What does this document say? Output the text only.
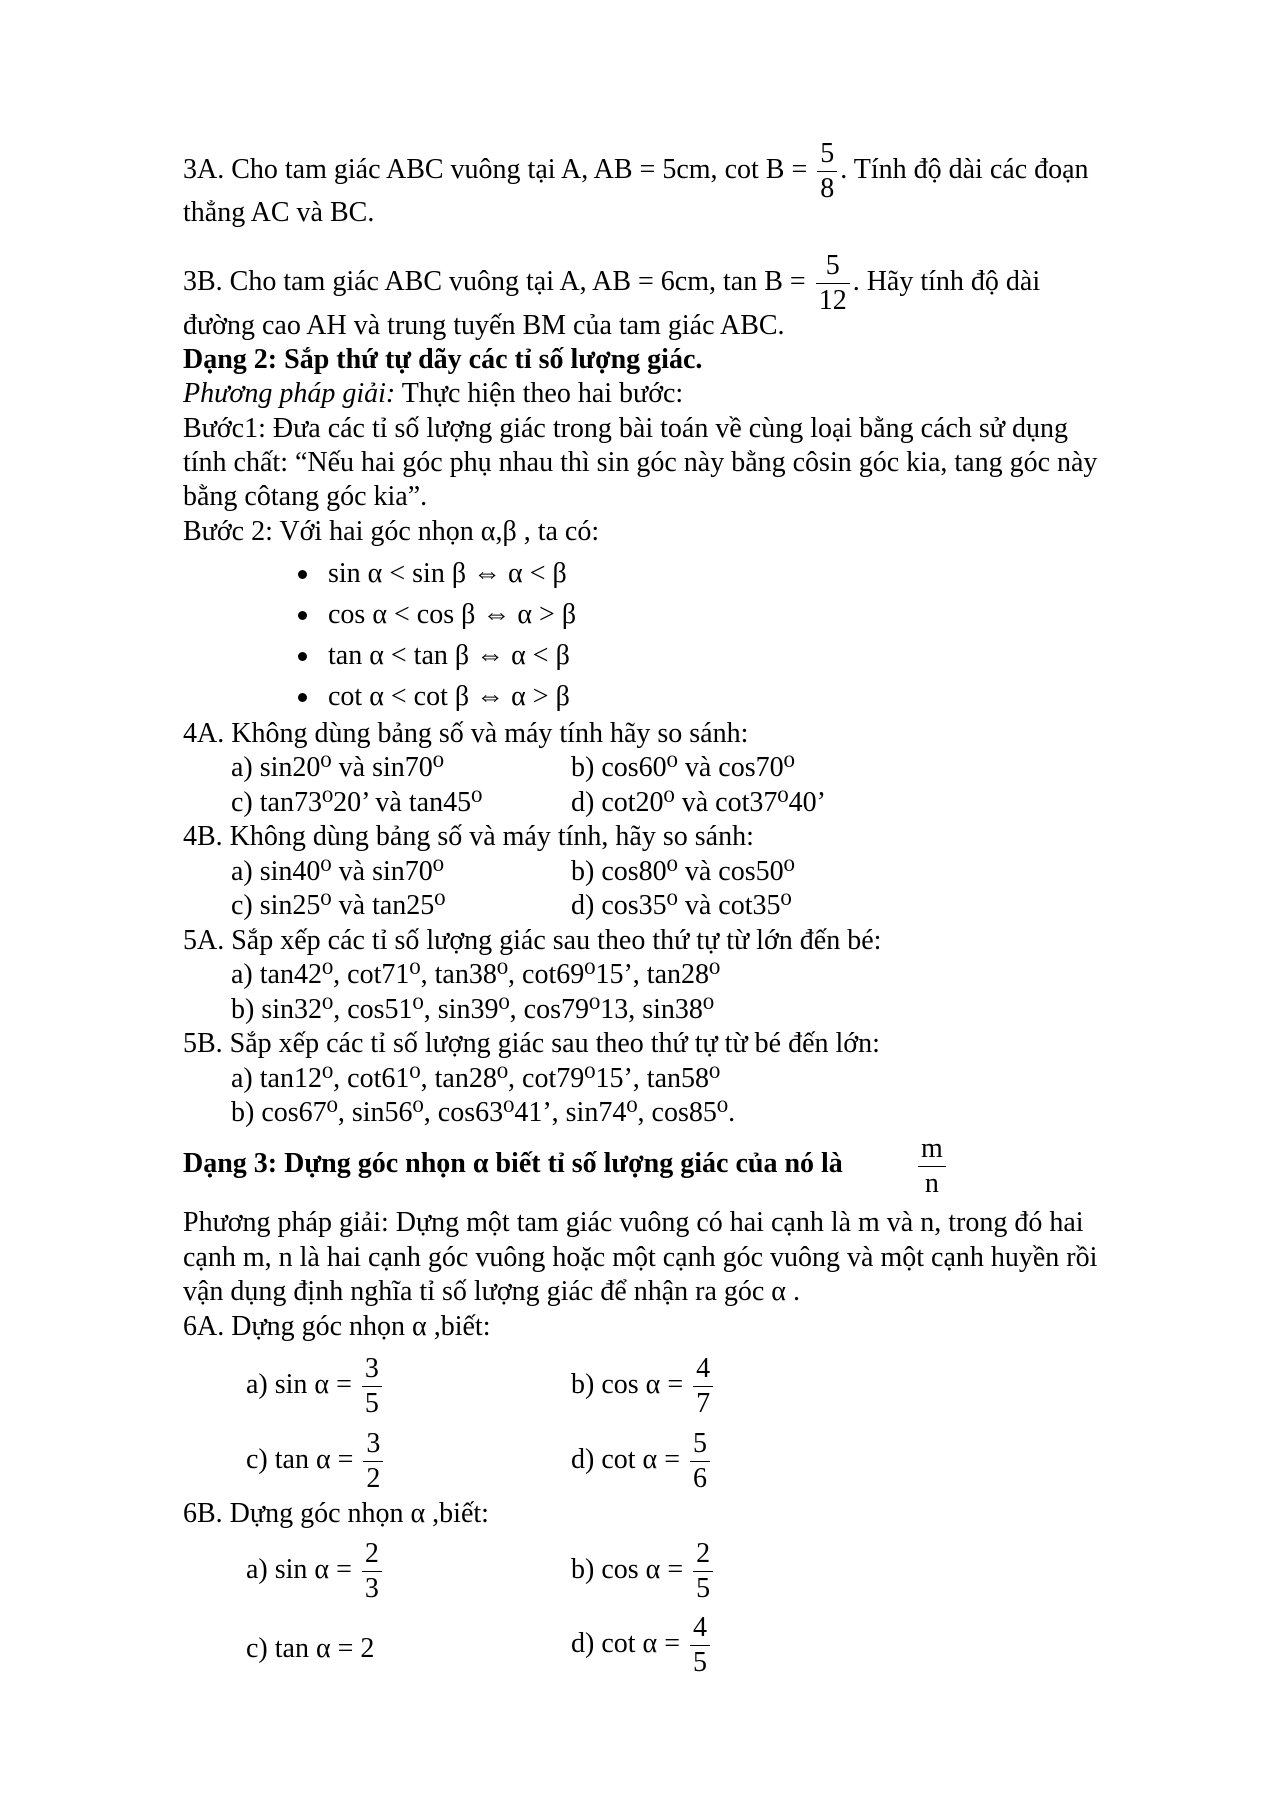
3A. Cho tam giác ABC vuông tại A, AB = 5cm, $\cot B = \frac{5}{8}$ . Tính độ dài các đoạn
thẳng AC và BC.
3B. Cho tam giác ABC vuông tại A, AB = 6cm, $\tan B = \frac{5}{12}$ . Hãy tính độ dài
đường cao AH và trung tuyến BM của tam giác ABC.
Dạng 2: Sắp thứ tự dãy các tỉ số lượng giác.
Phương pháp giải: Thực hiện theo hai bước:
Bước1: Đưa các tỉ số lượng giác trong bài toán về cùng loại bằng cách sử dụng
tính chất: “Nếu hai góc phụ nhau thì sin góc này bằng côsin góc kia, tang góc này
bằng côtang góc kia”.
Bước 2: Với hai góc nhọn α,β , ta có:
sin α < sin β ⇔ α < β
cos α < cos β ⇔ α > β
tan α < tan β ⇔ α < β
cot α < cot β ⇔ α > β
4A. Không dùng bảng số và máy tính hãy so sánh:
a) sin20⁰ và sin70⁰	b) cos60⁰ và cos70⁰
c) tan73⁰20’ và tan45⁰	d) cot20⁰ và cot37⁰40’
4B. Không dùng bảng số và máy tính, hãy so sánh:
a) sin40⁰ và sin70⁰	b) cos80⁰ và cos50⁰
c) sin25⁰ và tan25⁰	d) cos35⁰ và cot35⁰
5A. Sắp xếp các tỉ số lượng giác sau theo thứ tự từ lớn đến bé:
a) tan42⁰, cot71⁰, tan38⁰, cot69⁰15’, tan28⁰
b) sin32⁰, cos51⁰, sin39⁰, cos79⁰13, sin38⁰
5B. Sắp xếp các tỉ số lượng giác sau theo thứ tự từ bé đến lớn:
a) tan12⁰, cot61⁰, tan28⁰, cot79⁰15’, tan58⁰
b) cos67⁰, sin56⁰, cos63⁰41’, sin74⁰, cos85⁰.
Dạng 3: Dựng góc nhọn α biết tỉ số lượng giác của nó là	$\frac{m}{n}$
Phương pháp giải: Dựng một tam giác vuông có hai cạnh là m và n, trong đó hai
cạnh m, n là hai cạnh góc vuông hoặc một cạnh góc vuông và một cạnh huyền rồi
vận dụng định nghĩa tỉ số lượng giác để nhận ra góc α .
6A. Dựng góc nhọn α ,biết:
a) $\sin \alpha = \frac{3}{5}$	b) $\cos \alpha = \frac{4}{7}$
c) $\tan \alpha = \frac{3}{2}$	d) $\cot \alpha = \frac{5}{6}$
6B. Dựng góc nhọn α ,biết:
a) $\sin \alpha = \frac{2}{3}$	b) $\cos \alpha = \frac{2}{5}$
c) tan α = 2	d) $\cot \alpha = \frac{4}{5}$
